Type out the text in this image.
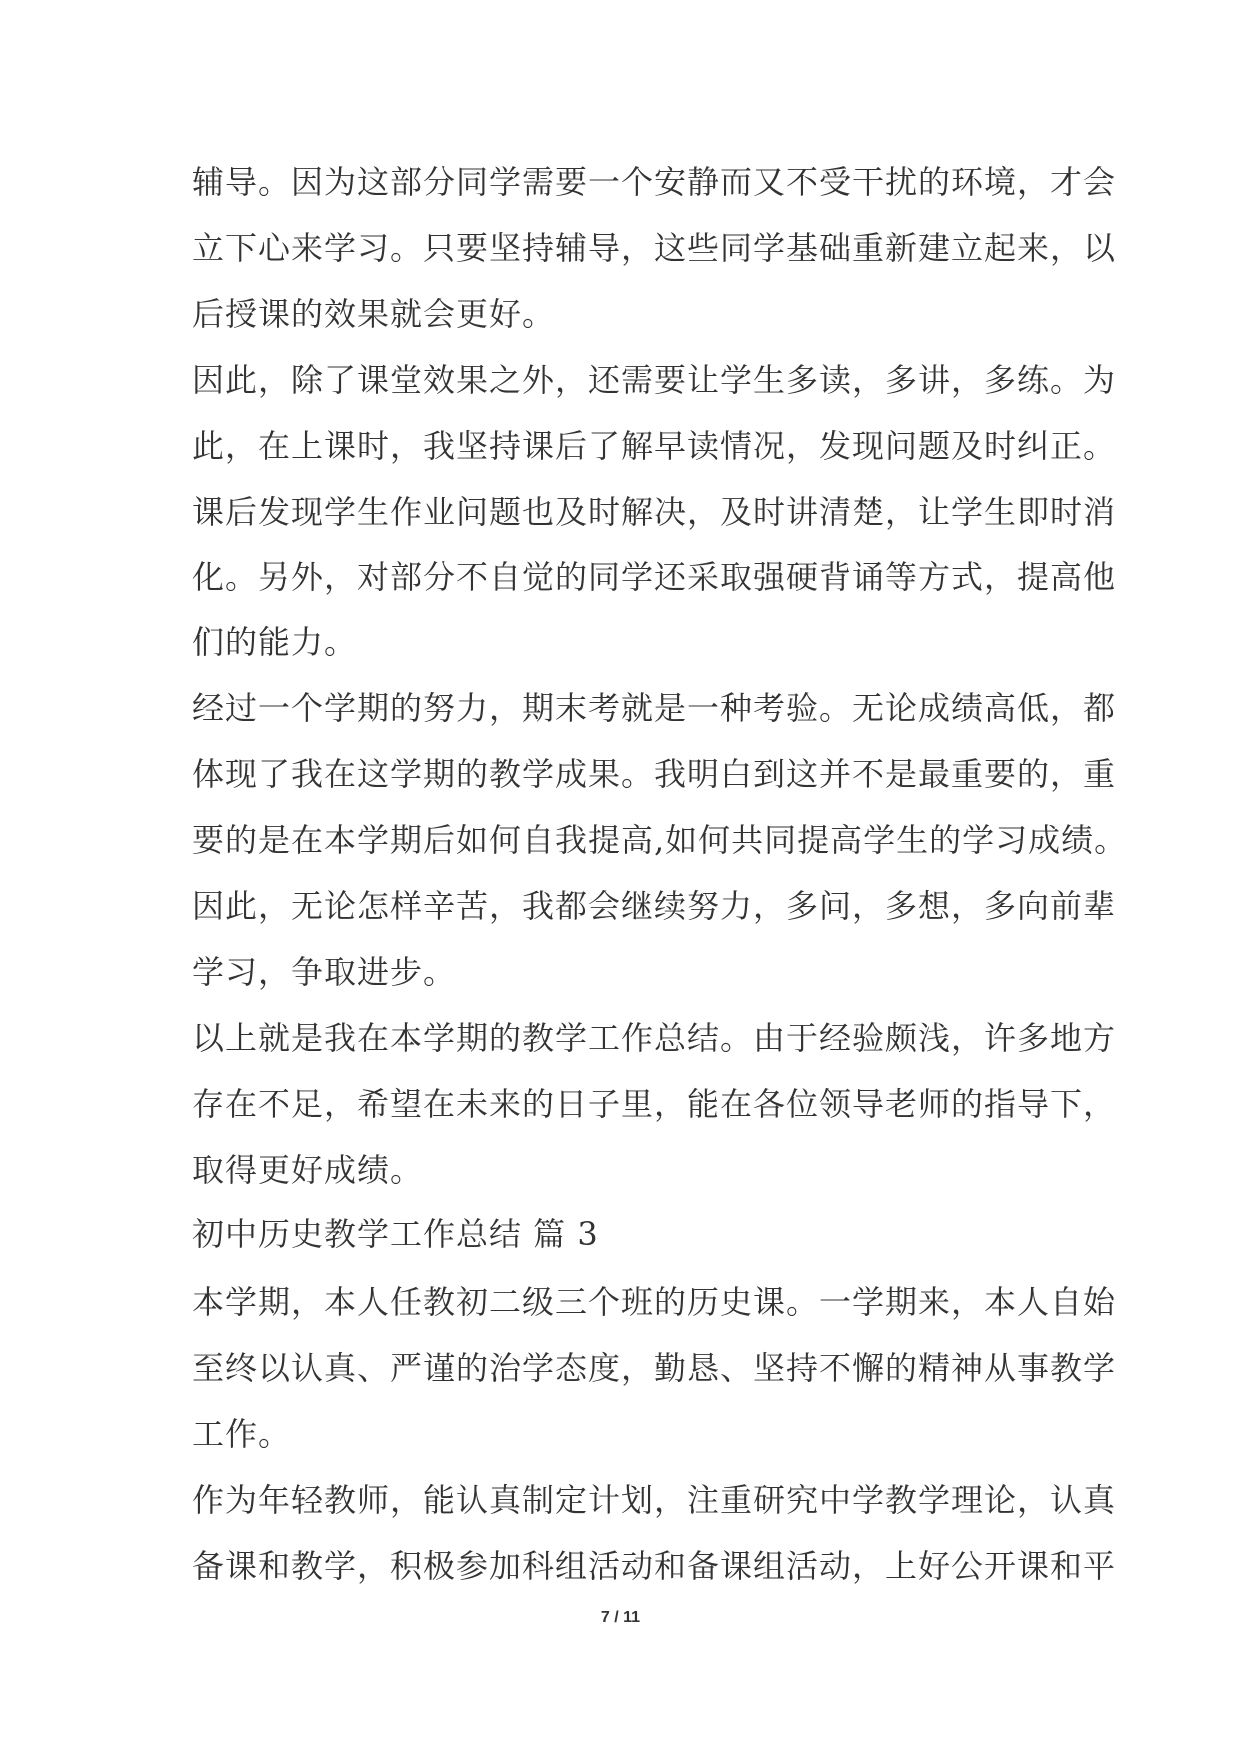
辅导。因为这部分同学需要一个安静而又不受干扰的环境，才会
立下心来学习。只要坚持辅导，这些同学基础重新建立起来，以
后授课的效果就会更好。
因此，除了课堂效果之外，还需要让学生多读，多讲，多练。为
此，在上课时，我坚持课后了解早读情况，发现问题及时纠正。
课后发现学生作业问题也及时解决，及时讲清楚，让学生即时消
化。另外，对部分不自觉的同学还采取强硬背诵等方式，提高他
们的能力。
经过一个学期的努力，期末考就是一种考验。无论成绩高低，都
体现了我在这学期的教学成果。我明白到这并不是最重要的，重
要的是在本学期后如何自我提高,如何共同提高学生的学习成绩。
因此，无论怎样辛苦，我都会继续努力，多问，多想，多向前辈
学习，争取进步。
以上就是我在本学期的教学工作总结。由于经验颇浅，许多地方
存在不足，希望在未来的日子里，能在各位领导老师的指导下，
取得更好成绩。
初中历史教学工作总结 篇 3
本学期，本人任教初二级三个班的历史课。一学期来，本人自始
至终以认真、严谨的治学态度，勤恳、坚持不懈的精神从事教学
工作。
作为年轻教师，能认真制定计划，注重研究中学教学理论，认真
备课和教学，积极参加科组活动和备课组活动，上好公开课和平
7 / 11
